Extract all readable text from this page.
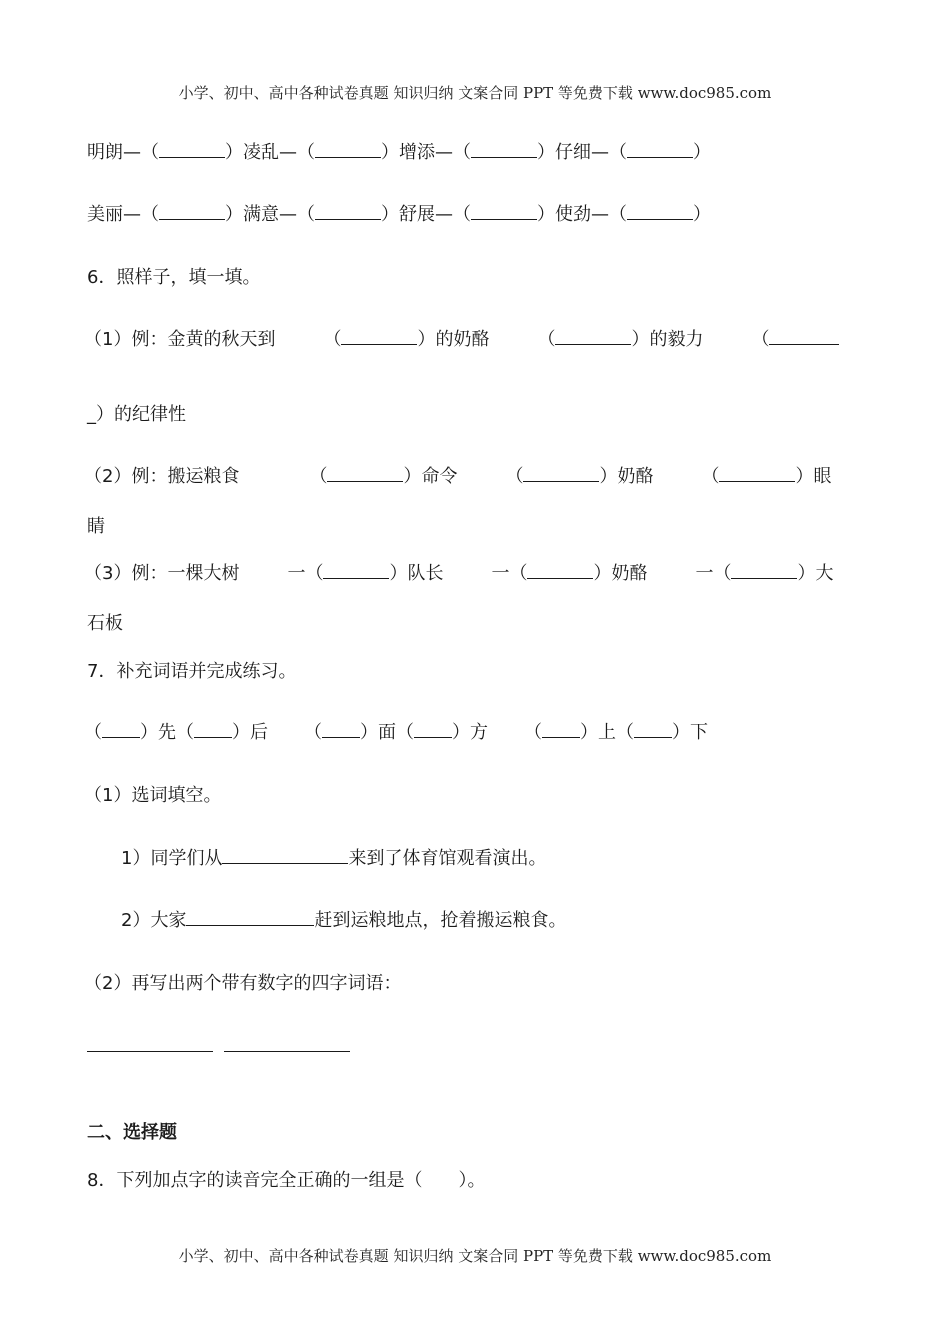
小学、初中、高中各种试卷真题 知识归纳 文案合同 PPT 等免费下载 www.doc985.com
明朗—（	）凌乱—（	）增添—（	）仔细—（	）
美丽—（	）满意—（	）舒展—（	）使劲—（	）
6．照样子，填一填。
（1）例：金黄的秋天到	（	）的奶酪	（	）的毅力	（
_）的纪律性
（2）例：搬运粮食	（	）命令	（	）奶酪	（	）眼
睛
（3）例：一棵大树	一（	）队长	一（	）奶酪	一（	）大
石板
7．补充词语并完成练习。
（ ）先（ ）后 （ ）面（ ）方 （ ）上（ ）下
（1）选词填空。
1）同学们从	来到了体育馆观看演出。
2）大家	赶到运粮地点，抢着搬运粮食。
（2）再写出两个带有数字的四字词语：
二、选择题
8．下列加点字的读音完全正确的一组是（　　）。
小学、初中、高中各种试卷真题 知识归纳 文案合同 PPT 等免费下载 www.doc985.com
